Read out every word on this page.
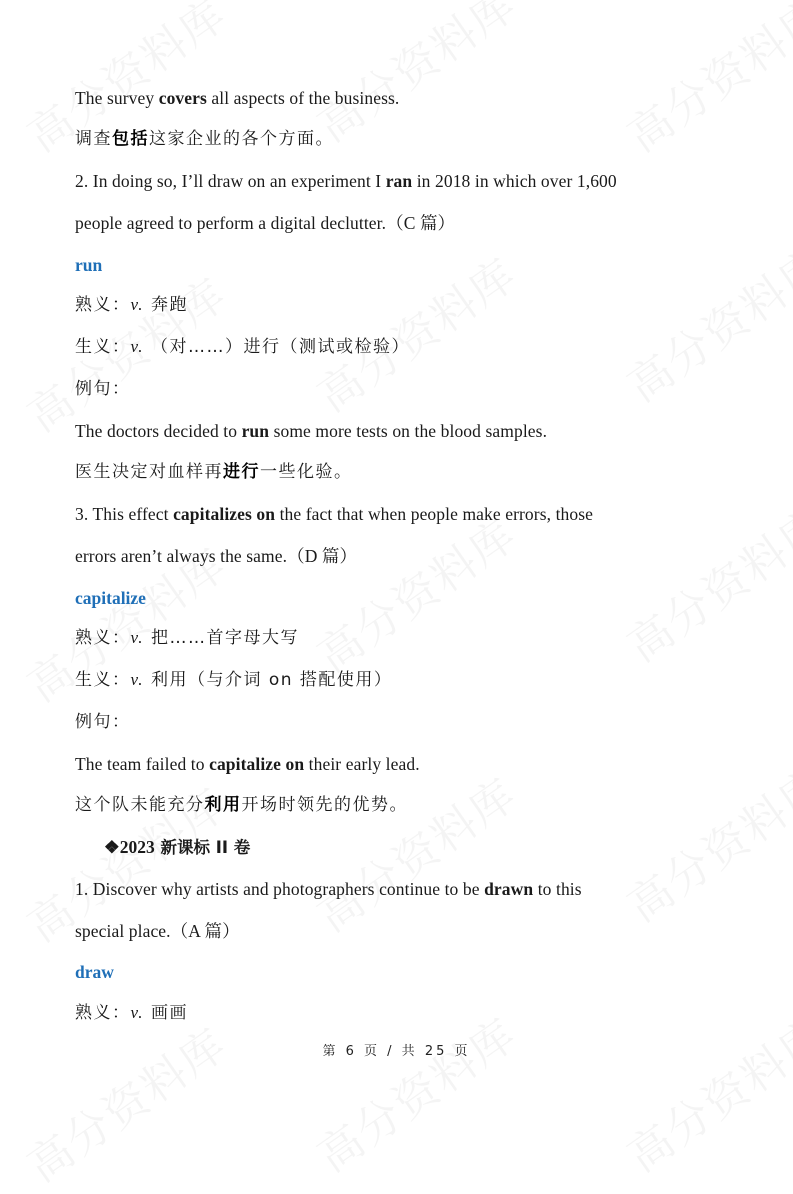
The survey covers all aspects of the business.
调查包括这家企业的各个方面。
2. In doing so, I’ll draw on an experiment I ran in 2018 in which over 1,600
people agreed to perform a digital declutter.（C 篇）
run
熟义：v. 奔跑
生义：v. （对……）进行（测试或检验）
例句：
The doctors decided to run some more tests on the blood samples.
医生决定对血样再进行一些化验。
3. This effect capitalizes on the fact that when people make errors, those
errors aren’t always the same.（D 篇）
capitalize
熟义：v. 把……首字母大写
生义：v. 利用（与介词 on 搭配使用）
例句：
The team failed to capitalize on their early lead.
这个队未能充分利用开场时领先的优势。
❖2023 新课标 II 卷
1. Discover why artists and photographers continue to be drawn to this
special place.（A 篇）
draw
熟义：v. 画画
第 6 页 / 共 25 页
